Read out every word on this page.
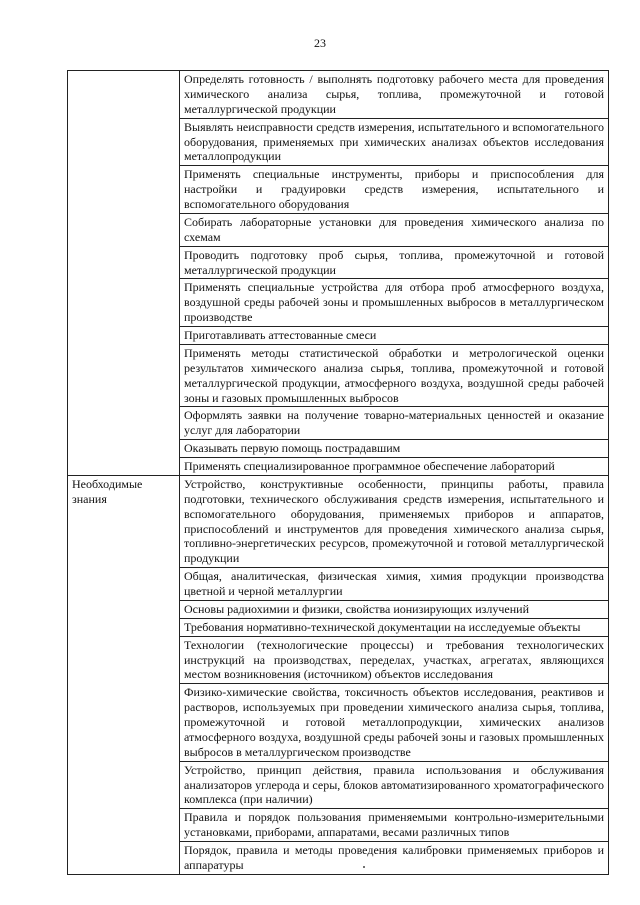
23
	Определять готовность / выполнять подготовку рабочего места для проведения химического анализа сырья, топлива, промежуточной и готовой металлургической продукции
	Выявлять неисправности средств измерения, испытательного и вспомогательного оборудования, применяемых при химических анализах объектов исследования металлопродукции
	Применять специальные инструменты, приборы и приспособления для настройки и градуировки средств измерения, испытательного и вспомогательного оборудования
	Собирать лабораторные установки для проведения химического анализа по схемам
	Проводить подготовку проб сырья, топлива, промежуточной и готовой металлургической продукции
	Применять специальные устройства для отбора проб атмосферного воздуха, воздушной среды рабочей зоны и промышленных выбросов в металлургическом производстве
	Приготавливать аттестованные смеси
	Применять методы статистической обработки и метрологической оценки результатов химического анализа сырья, топлива, промежуточной и готовой металлургической продукции, атмосферного воздуха, воздушной среды рабочей зоны и газовых промышленных выбросов
	Оформлять заявки на получение товарно-материальных ценностей и оказание услуг для лаборатории
	Оказывать первую помощь пострадавшим
	Применять специализированное программное обеспечение лабораторий
Необходимые знания	Устройство, конструктивные особенности, принципы работы, правила подготовки, технического обслуживания средств измерения, испытательного и вспомогательного оборудования, применяемых приборов и аппаратов, приспособлений и инструментов для проведения химического анализа сырья, топливно-энергетических ресурсов, промежуточной и готовой металлургической продукции
	Общая, аналитическая, физическая химия, химия продукции производства цветной и черной металлургии
	Основы радиохимии и физики, свойства ионизирующих излучений
	Требования нормативно-технической документации на исследуемые объекты
	Технологии (технологические процессы) и требования технологических инструкций на производствах, переделах, участках, агрегатах, являющихся местом возникновения (источником) объектов исследования
	Физико-химические свойства, токсичность объектов исследования, реактивов и растворов, используемых при проведении химического анализа сырья, топлива, промежуточной и готовой металлопродукции, химических анализов атмосферного воздуха, воздушной среды рабочей зоны и газовых промышленных выбросов в металлургическом производстве
	Устройство, принцип действия, правила использования и обслуживания анализаторов углерода и серы, блоков автоматизированного хроматографического комплекса (при наличии)
	Правила и порядок пользования применяемыми контрольно-измерительными установками, приборами, аппаратами, весами различных типов
	Порядок, правила и методы проведения калибровки применяемых приборов и аппаратуры
